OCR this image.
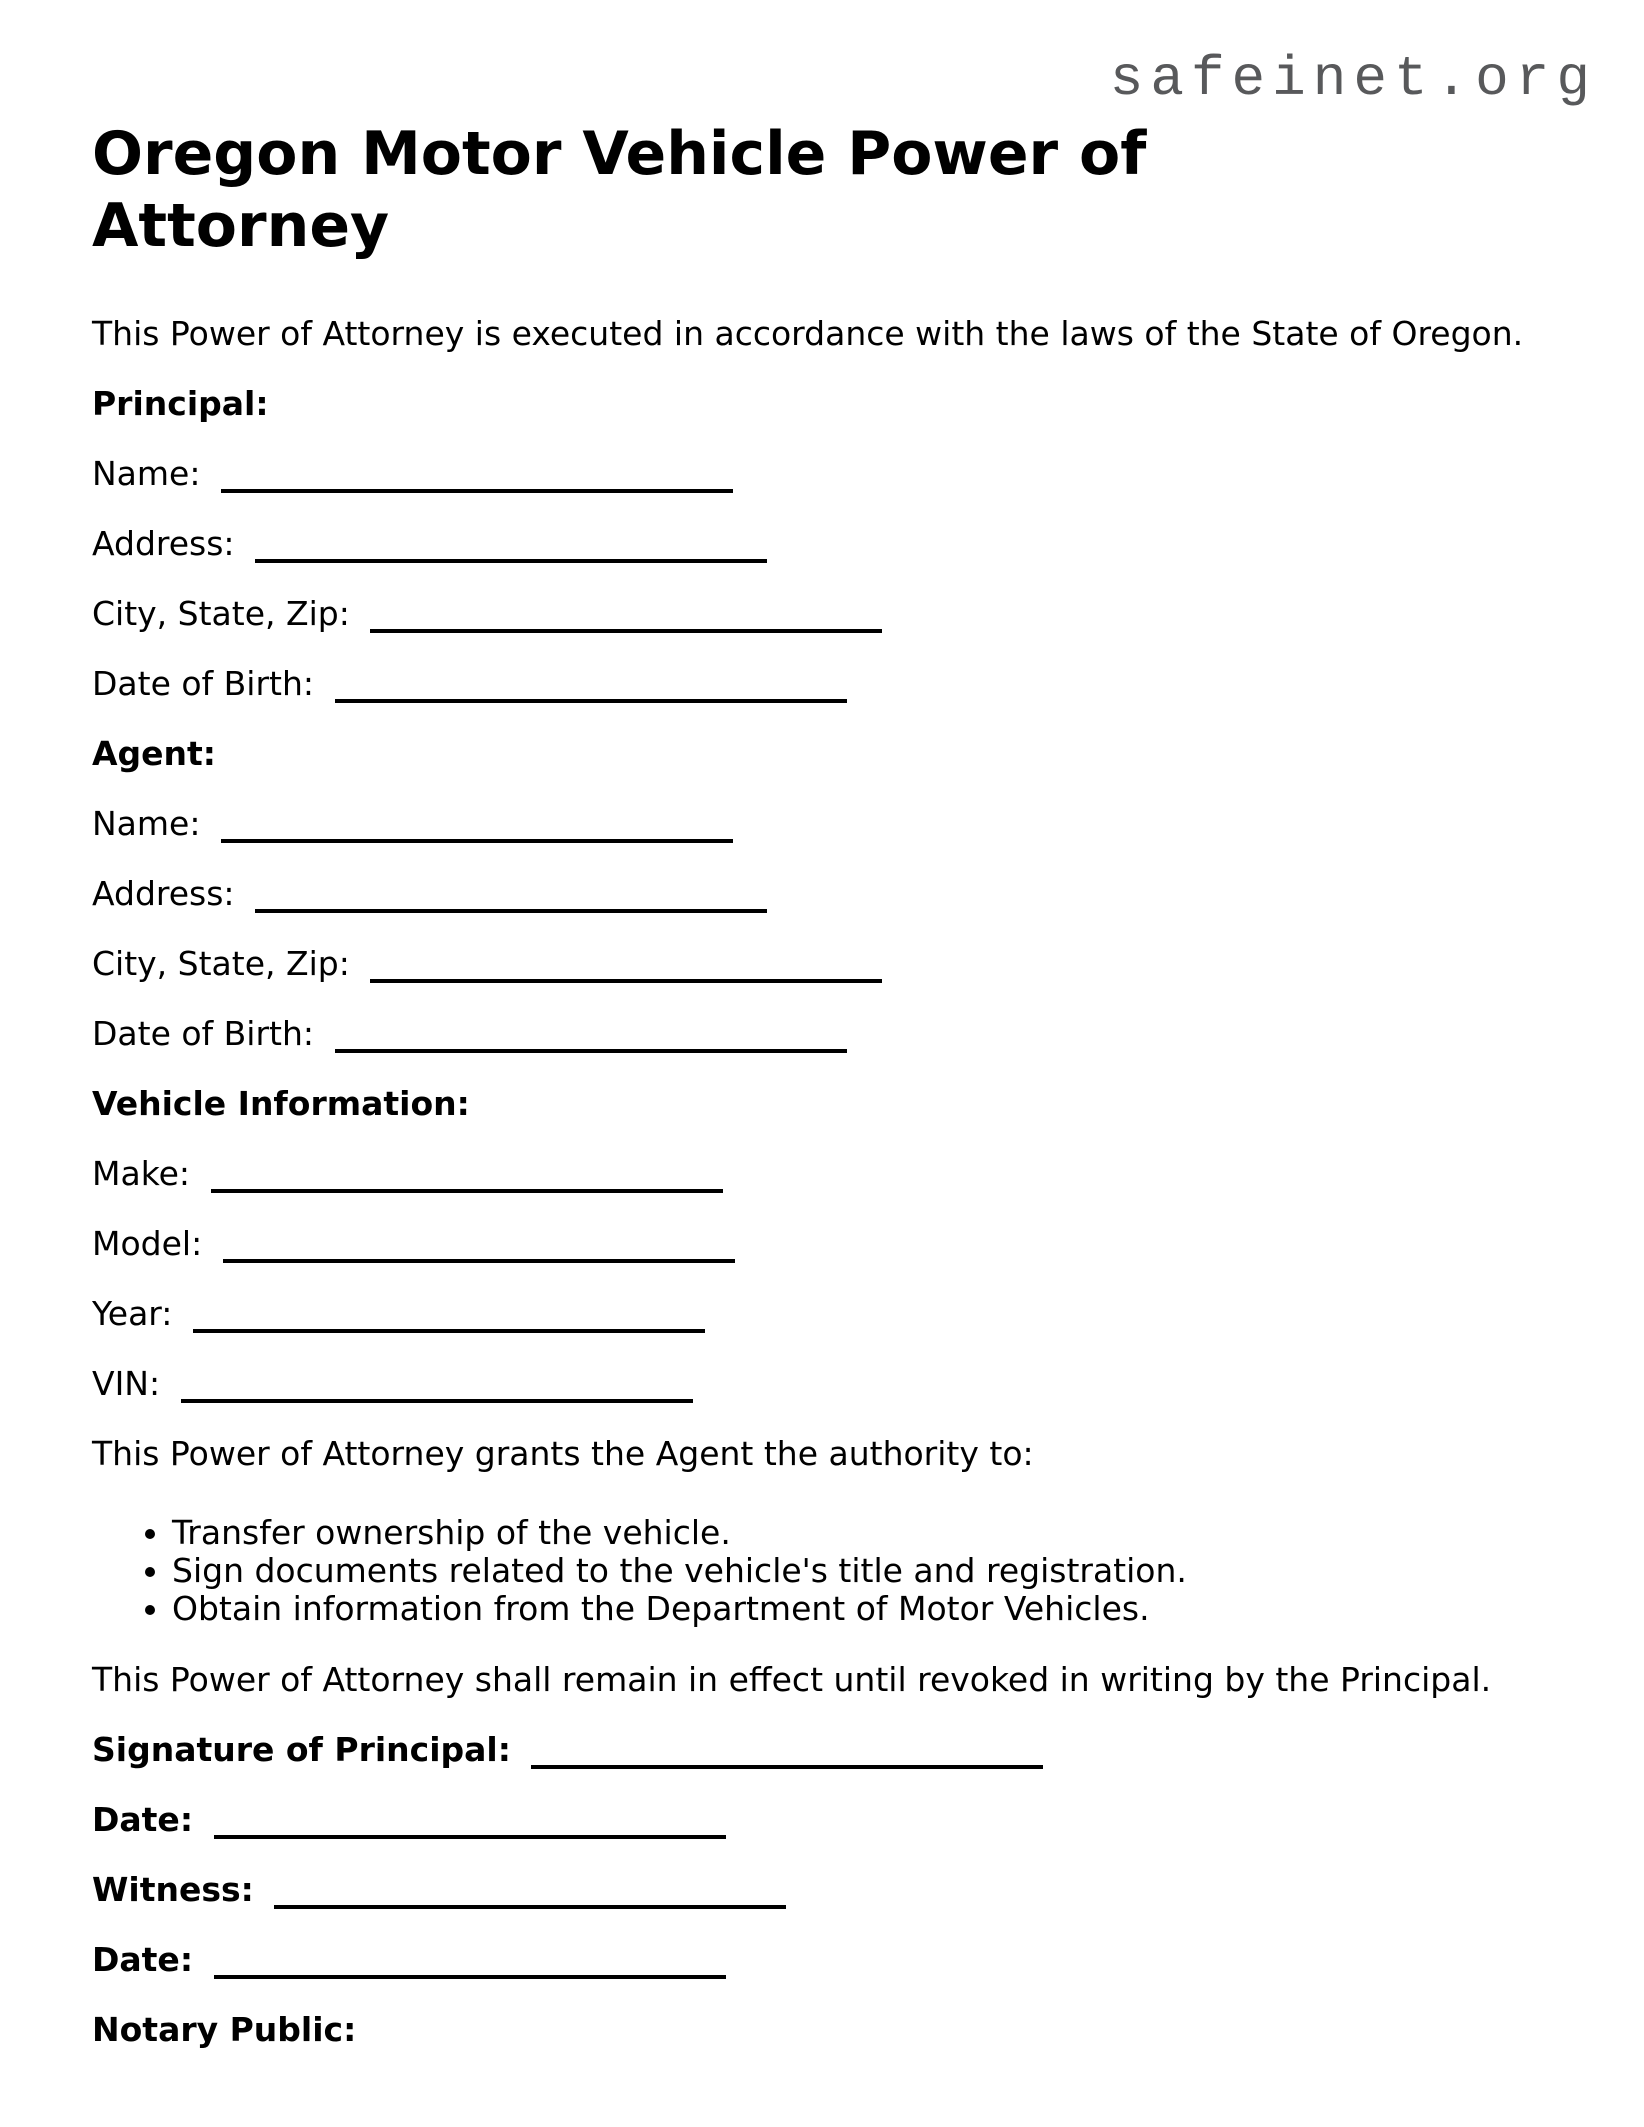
safeinet.org
Oregon Motor Vehicle Power of Attorney

This Power of Attorney is executed in accordance with the laws of the State of Oregon.

Principal:
Name:
Address:
City, State, Zip:
Date of Birth:
Agent:
Name:
Address:
City, State, Zip:
Date of Birth:
Vehicle Information:
Make:
Model:
Year:
VIN:

This Power of Attorney grants the Agent the authority to:

• Transfer ownership of the vehicle.
• Sign documents related to the vehicle's title and registration.
• Obtain information from the Department of Motor Vehicles.

This Power of Attorney shall remain in effect until revoked in writing by the Principal.

Signature of Principal:
Date:
Witness:
Date:
Notary Public:
